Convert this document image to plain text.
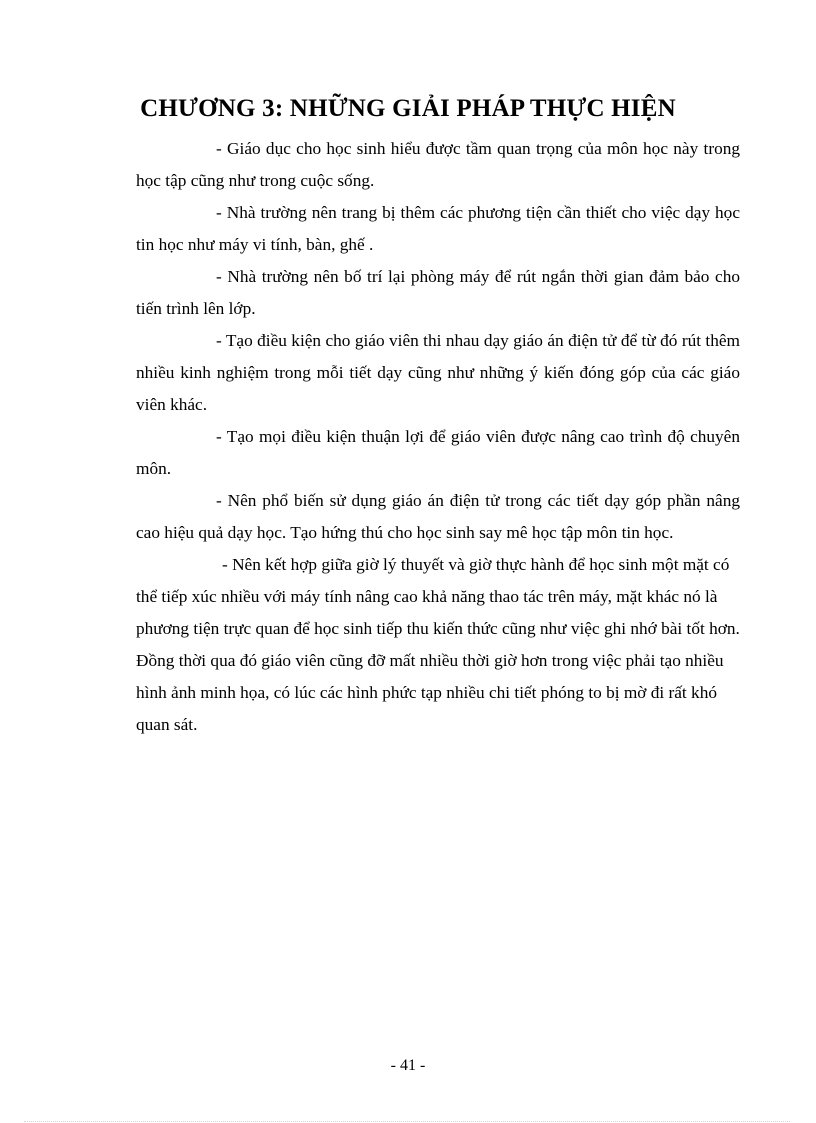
CHƯƠNG 3: NHỮNG GIẢI PHÁP THỰC HIỆN

- Giáo dục cho học sinh hiểu được tầm quan trọng của môn học này trong học tập cũng như trong cuộc sống.

- Nhà trường nên trang bị thêm các phương tiện cần thiết cho việc dạy học tin học như máy vi tính, bàn, ghế .

- Nhà trường nên bố trí lại phòng máy để rút ngắn thời gian đảm bảo cho tiến trình lên lớp.

- Tạo điều kiện cho giáo viên thi nhau dạy giáo án điện tử để từ đó rút thêm nhiều kinh nghiệm trong mỗi tiết dạy cũng như những ý kiến đóng góp của các giáo viên khác.

- Tạo mọi điều kiện thuận lợi để giáo viên được nâng cao trình độ chuyên môn.

- Nên phổ biến sử dụng giáo án điện tử trong các tiết dạy góp phần nâng cao hiệu quả dạy học. Tạo hứng thú cho học sinh say mê học tập môn tin học.

- Nên kết hợp giữa giờ lý thuyết và giờ thực hành để học sinh một mặt có thể tiếp xúc nhiều với máy tính nâng cao khả năng thao tác trên máy, mặt khác nó là phương tiện trực quan để học sinh tiếp thu kiến thức cũng như việc ghi nhớ bài tốt hơn. Đồng thời qua đó giáo viên cũng đỡ mất nhiều thời giờ hơn trong việc phải tạo nhiều hình ảnh minh họa, có lúc các hình phức tạp nhiều chi tiết phóng to bị mờ đi rất khó quan sát.

- 41 -
